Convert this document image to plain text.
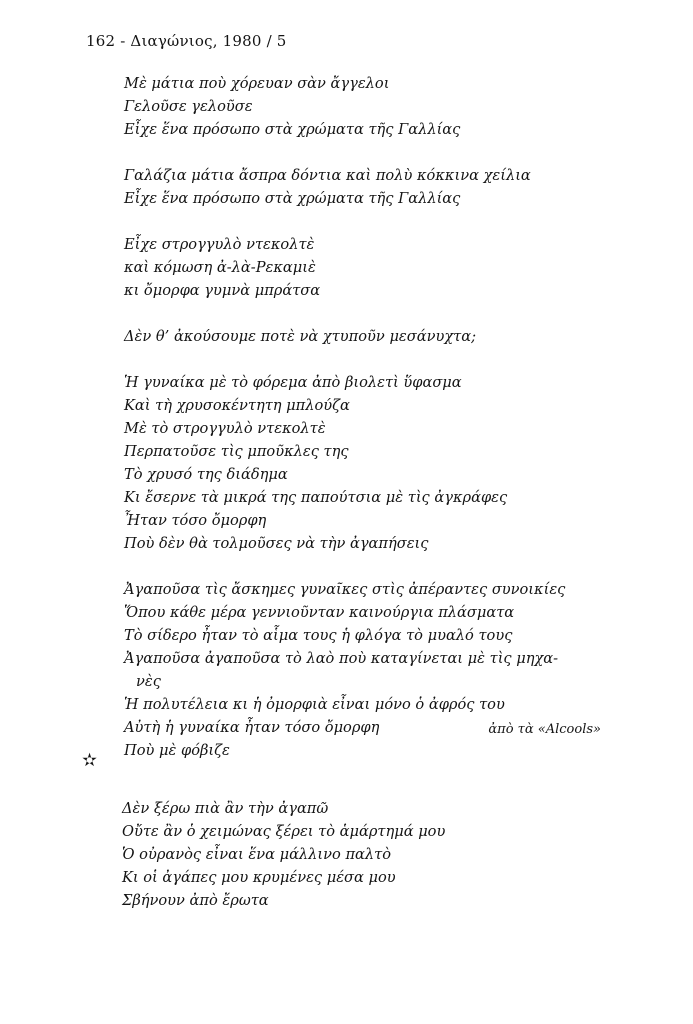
162 - Διαγώνιος, 1980 / 5
Μὲ μάτια ποὺ χόρευαν σὰν ἄγγελοι
Γελοῦσε γελοῦσε
Εἶχε ἕνα πρόσωπο στὰ χρώματα τῆς Γαλλίας
Γαλάζια μάτια ἄσπρα δόντια καὶ πολὺ κόκκινα χείλια
Εἶχε ἕνα πρόσωπο στὰ χρώματα τῆς Γαλλίας
Εἶχε στρογγυλὸ ντεκολτὲ
καὶ κόμωση ἀ-λὰ-Ρεκαμιὲ
κι ὄμορφα γυμνὰ μπράτσα
Δὲν θ’ ἀκούσουμε ποτὲ νὰ χτυποῦν μεσάνυχτα;
Ἡ γυναίκα μὲ τὸ φόρεμα ἀπὸ βιολετὶ ὕφασμα
Καὶ τὴ χρυσοκέντητη μπλούζα
Μὲ τὸ στρογγυλὸ ντεκολτὲ
Περπατοῦσε τὶς μποῦκλες της
Τὸ χρυσό της διάδημα
Κι ἔσερνε τὰ μικρά της παπούτσια μὲ τὶς ἀγκράφες
Ἦταν τόσο ὄμορφη
Ποὺ δὲν θὰ τολμοῦσες νὰ τὴν ἀγαπήσεις
Ἀγαποῦσα τὶς ἄσκημες γυναῖκες στὶς ἀπέραντες συνοικίες
Ὅπου κάθε μέρα γεννιοῦνταν καινούργια πλάσματα
Τὸ σίδερο ἦταν τὸ αἷμα τους ἡ φλόγα τὸ μυαλό τους
Ἀγαποῦσα ἀγαποῦσα τὸ λαὸ ποὺ καταγίνεται μὲ τὶς μηχα-
νὲς
Ἡ πολυτέλεια κι ἡ ὀμορφιὰ εἶναι μόνο ὁ ἀφρός του
Αὐτὴ ἡ γυναίκα ἦταν τόσο ὄμορφη
Ποὺ μὲ φόβιζε
ἀπὸ τὰ «Alcools»
✫
Δὲν ξέρω πιὰ ἂν τὴν ἀγαπῶ
Οὔτε ἂν ὁ χειμώνας ξέρει τὸ ἁμάρτημά μου
Ὁ οὐρανὸς εἶναι ἕνα μάλλινο παλτὸ
Κι οἱ ἀγάπες μου κρυμένες μέσα μου
Σβήνουν ἀπὸ ἔρωτα
